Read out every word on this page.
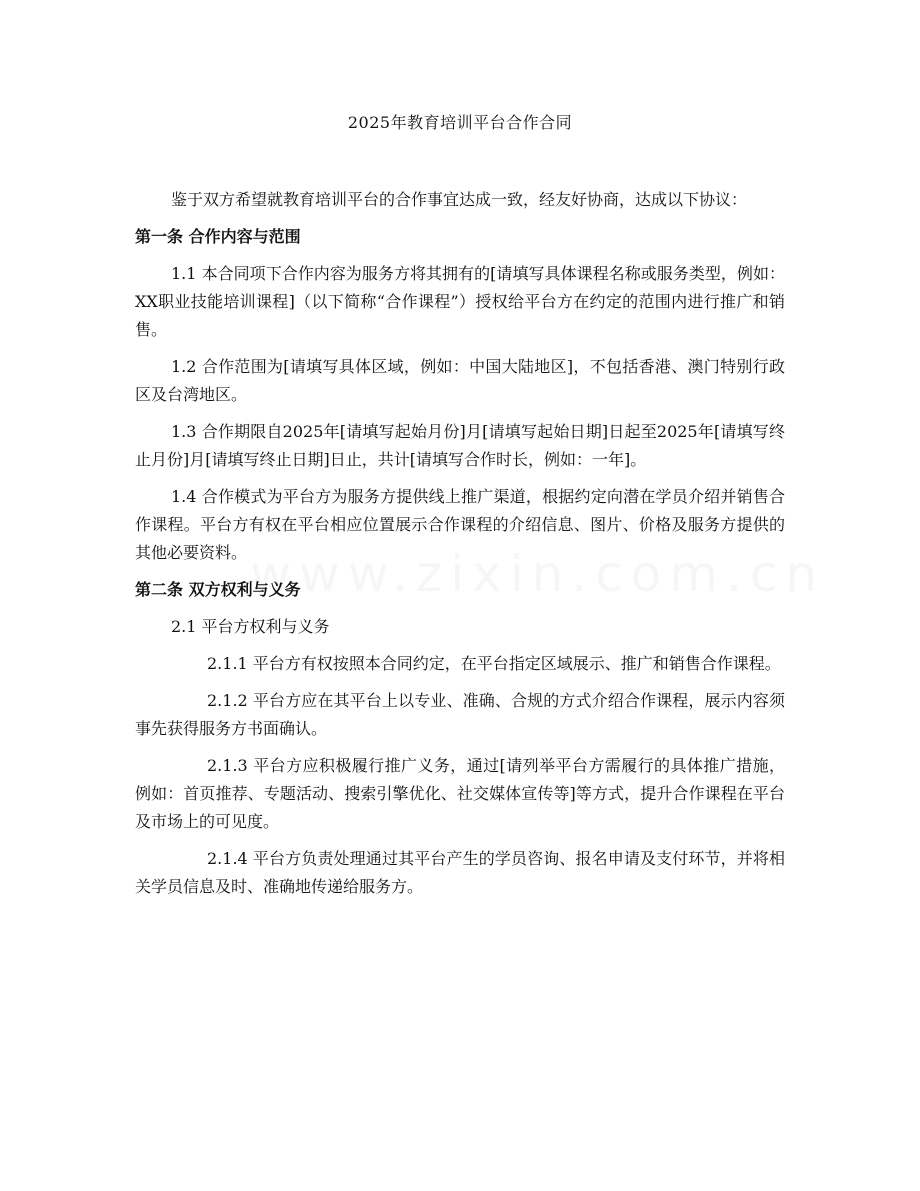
2025年教育培训平台合作合同

鉴于双方希望就教育培训平台的合作事宜达成一致，经友好协商，达成以下协议：

第一条 合作内容与范围

1.1 本合同项下合作内容为服务方将其拥有的[请填写具体课程名称或服务类型，例如：XX职业技能培训课程]（以下简称“合作课程”）授权给平台方在约定的范围内进行推广和销售。

1.2 合作范围为[请填写具体区域，例如：中国大陆地区]，不包括香港、澳门特别行政区及台湾地区。

1.3 合作期限自2025年[请填写起始月份]月[请填写起始日期]日起至2025年[请填写终止月份]月[请填写终止日期]日止，共计[请填写合作时长，例如：一年]。

1.4 合作模式为平台方为服务方提供线上推广渠道，根据约定向潜在学员介绍并销售合作课程。平台方有权在平台相应位置展示合作课程的介绍信息、图片、价格及服务方提供的其他必要资料。

第二条 双方权利与义务

2.1 平台方权利与义务

2.1.1 平台方有权按照本合同约定，在平台指定区域展示、推广和销售合作课程。

2.1.2 平台方应在其平台上以专业、准确、合规的方式介绍合作课程，展示内容须事先获得服务方书面确认。

2.1.3 平台方应积极履行推广义务，通过[请列举平台方需履行的具体推广措施，例如：首页推荐、专题活动、搜索引擎优化、社交媒体宣传等]等方式，提升合作课程在平台及市场上的可见度。

2.1.4 平台方负责处理通过其平台产生的学员咨询、报名申请及支付环节，并将相关学员信息及时、准确地传递给服务方。
